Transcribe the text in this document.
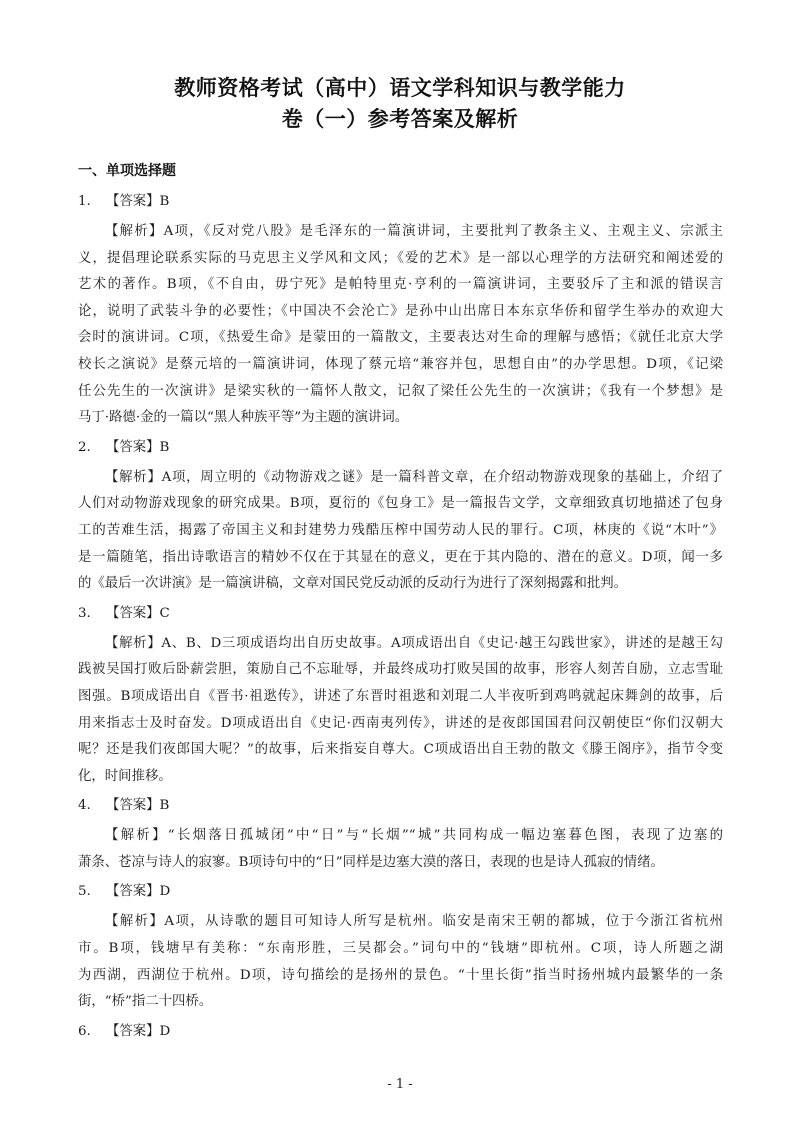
教师资格考试（高中）语文学科知识与教学能力
卷（一）参考答案及解析
一、单项选择题
1. 【答案】B
【解析】A项，《反对党八股》是毛泽东的一篇演讲词，主要批判了教条主义、主观主义、宗派主
义，提倡理论联系实际的马克思主义学风和文风；《爱的艺术》是一部以心理学的方法研究和阐述爱的
艺术的著作。B项，《不自由，毋宁死》是帕特里克·亨利的一篇演讲词，主要驳斥了主和派的错误言
论，说明了武装斗争的必要性；《中国决不会沦亡》是孙中山出席日本东京华侨和留学生举办的欢迎大
会时的演讲词。C项，《热爱生命》是蒙田的一篇散文，主要表达对生命的理解与感悟；《就任北京大学
校长之演说》是蔡元培的一篇演讲词，体现了蔡元培“兼容并包，思想自由”的办学思想。D项，《记梁
任公先生的一次演讲》是梁实秋的一篇怀人散文，记叙了梁任公先生的一次演讲；《我有一个梦想》是
马丁·路德·金的一篇以“黑人种族平等”为主题的演讲词。
2. 【答案】B
【解析】A项，周立明的《动物游戏之谜》是一篇科普文章，在介绍动物游戏现象的基础上，介绍了
人们对动物游戏现象的研究成果。B项，夏衍的《包身工》是一篇报告文学，文章细致真切地描述了包身
工的苦难生活，揭露了帝国主义和封建势力残酷压榨中国劳动人民的罪行。C项，林庚的《说“木叶”》
是一篇随笔，指出诗歌语言的精妙不仅在于其显在的意义，更在于其内隐的、潜在的意义。D项，闻一多
的《最后一次讲演》是一篇演讲稿，文章对国民党反动派的反动行为进行了深刻揭露和批判。
3. 【答案】C
【解析】A、B、D三项成语均出自历史故事。A项成语出自《史记·越王勾践世家》，讲述的是越王勾
践被吴国打败后卧薪尝胆，策励自己不忘耻辱，并最终成功打败吴国的故事，形容人刻苦自励，立志雪耻
图强。B项成语出自《晋书·祖逖传》，讲述了东晋时祖逖和刘琨二人半夜听到鸡鸣就起床舞剑的故事，后
用来指志士及时奋发。D项成语出自《史记·西南夷列传》，讲述的是夜郎国国君问汉朝使臣“你们汉朝大
呢？还是我们夜郎国大呢？”的故事，后来指妄自尊大。C项成语出自王勃的散文《滕王阁序》，指节令变
化，时间推移。
4. 【答案】B
【解析】“长烟落日孤城闭”中“日”与“长烟”“城”共同构成一幅边塞暮色图，表现了边塞的
萧条、苍凉与诗人的寂寥。B项诗句中的“日”同样是边塞大漠的落日，表现的也是诗人孤寂的情绪。
5. 【答案】D
【解析】A项，从诗歌的题目可知诗人所写是杭州。临安是南宋王朝的都城，位于今浙江省杭州
市。B项，钱塘早有美称：“东南形胜，三吴都会。”词句中的“钱塘”即杭州。C项，诗人所题之湖
为西湖，西湖位于杭州。D项，诗句描绘的是扬州的景色。“十里长街”指当时扬州城内最繁华的一条
街，“桥”指二十四桥。
6. 【答案】D
- 1 -
